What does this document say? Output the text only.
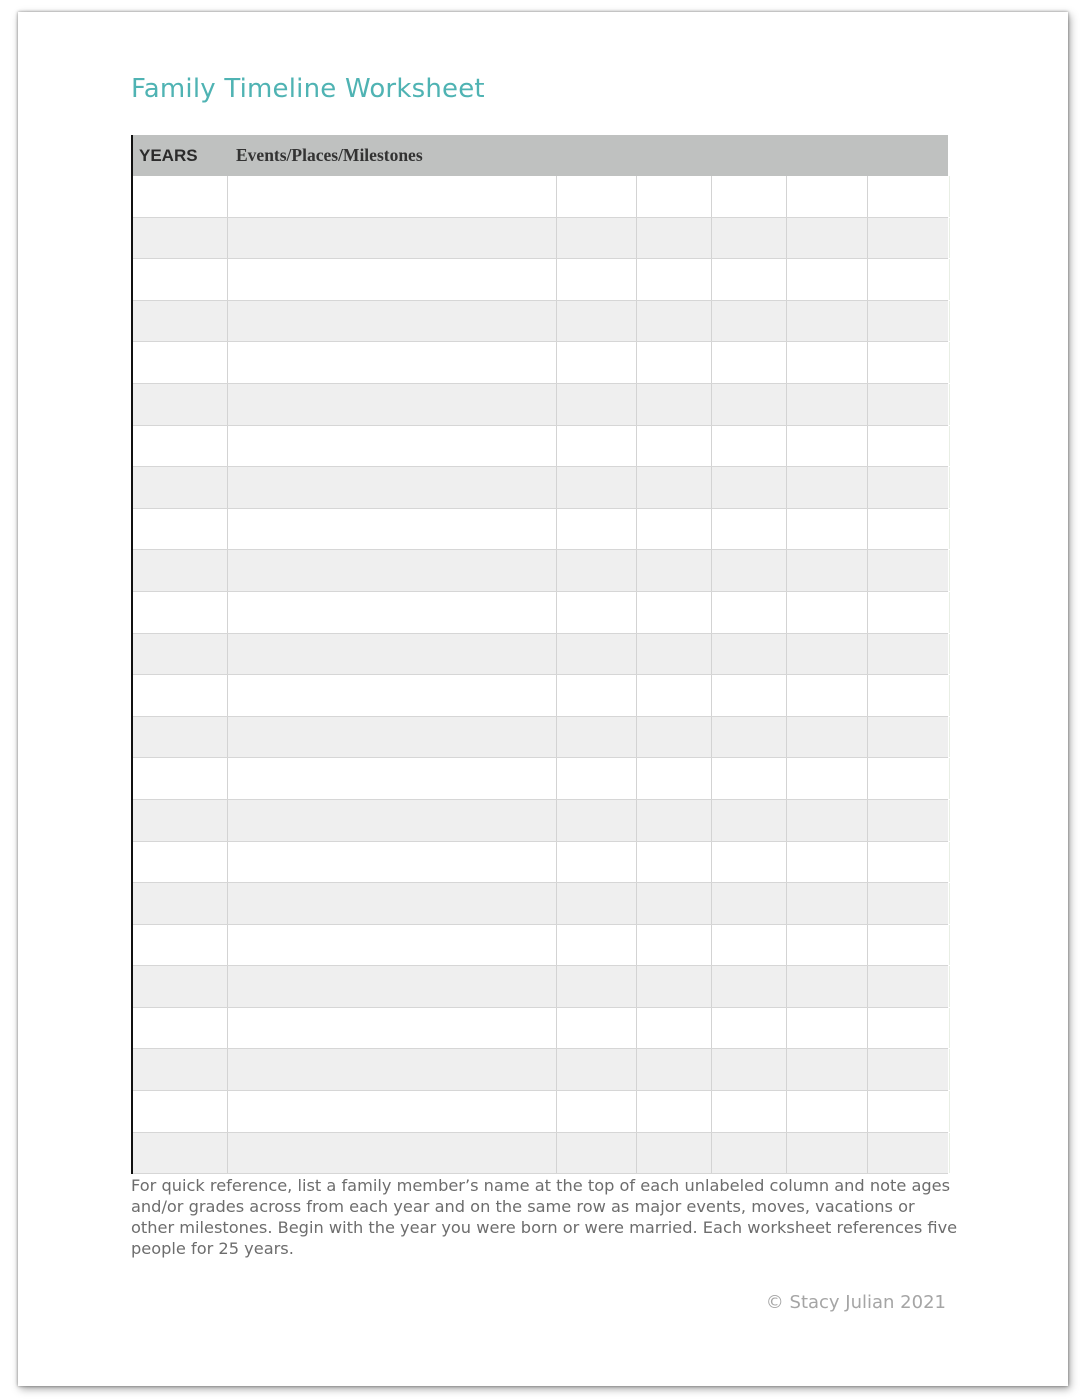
Family Timeline Worksheet
YEARS Events/Places/Milestones

For quick reference, list a family member’s name at the top of each unlabeled column and note ages and/or grades across from each year and on the same row as major events, moves, vacations or other milestones. Begin with the year you were born or were married. Each worksheet references five people for 25 years.

© Stacy Julian 2021
